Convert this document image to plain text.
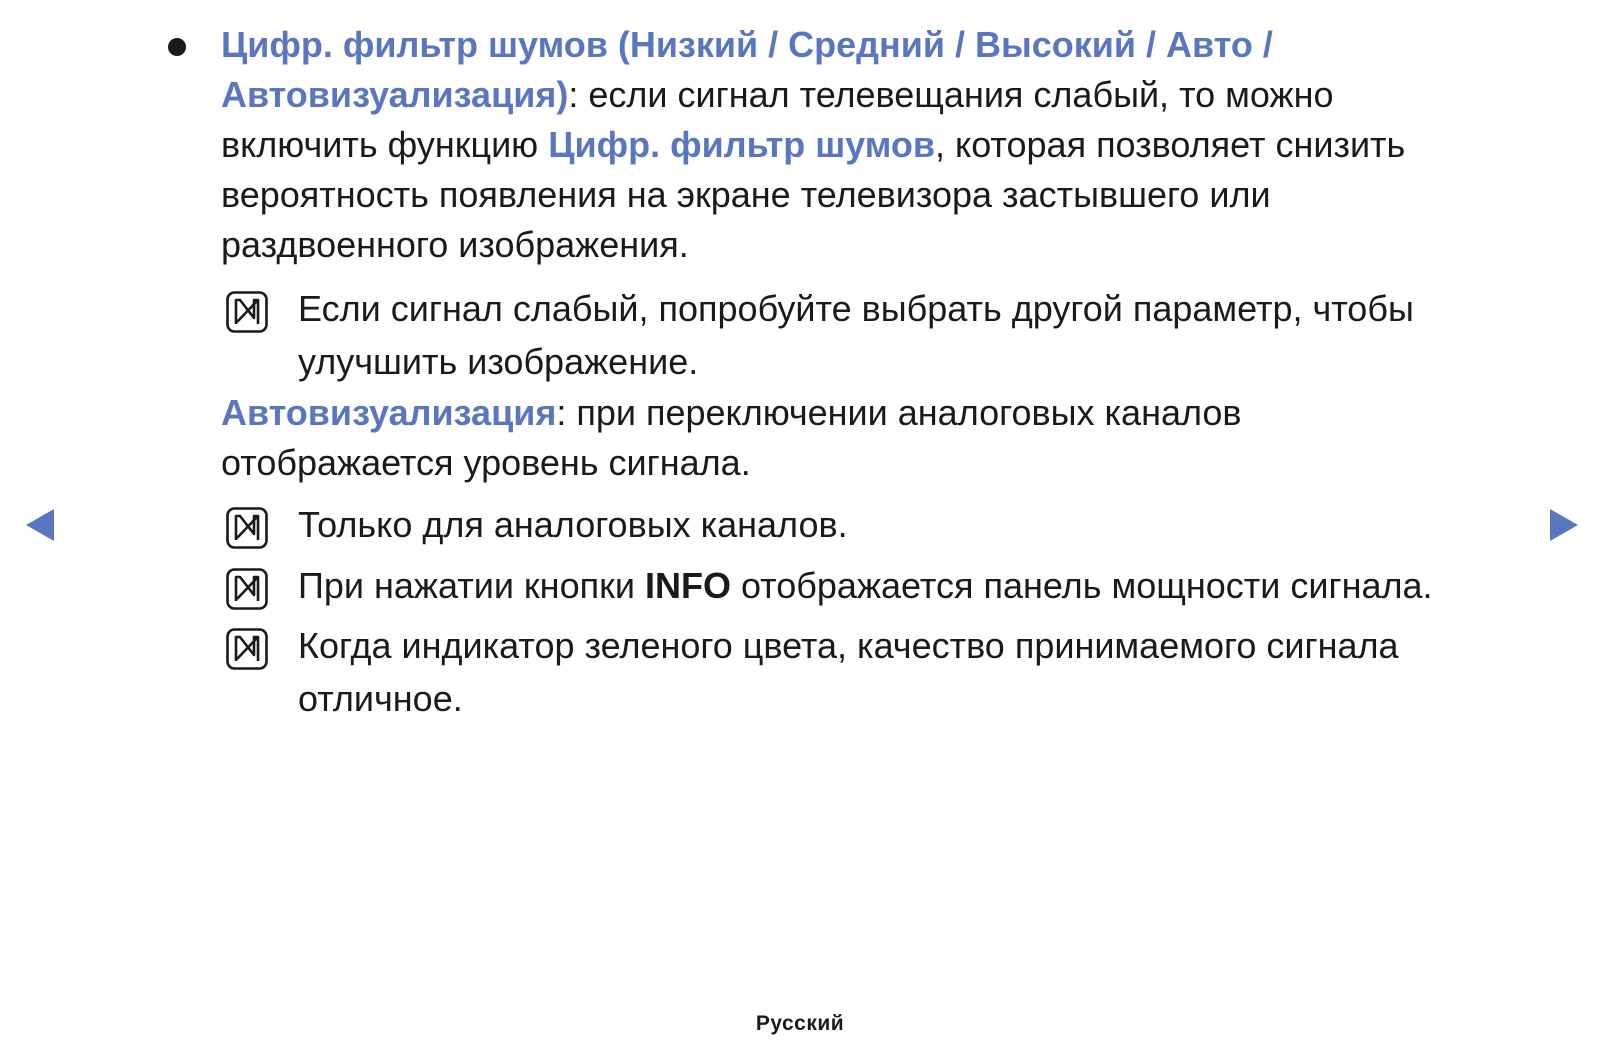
Цифр. фильтр шумов (Низкий / Средний / Высокий / Авто /
Автовизуализация): если сигнал телевещания слабый, то можно
включить функцию Цифр. фильтр шумов, которая позволяет снизить
вероятность появления на экране телевизора застывшего или
раздвоенного изображения.
Если сигнал слабый, попробуйте выбрать другой параметр, чтобы
улучшить изображение.
Автовизуализация: при переключении аналоговых каналов
отображается уровень сигнала.
Только для аналоговых каналов.
При нажатии кнопки INFO отображается панель мощности сигнала.
Когда индикатор зеленого цвета, качество принимаемого сигнала
отличное.
Русский
